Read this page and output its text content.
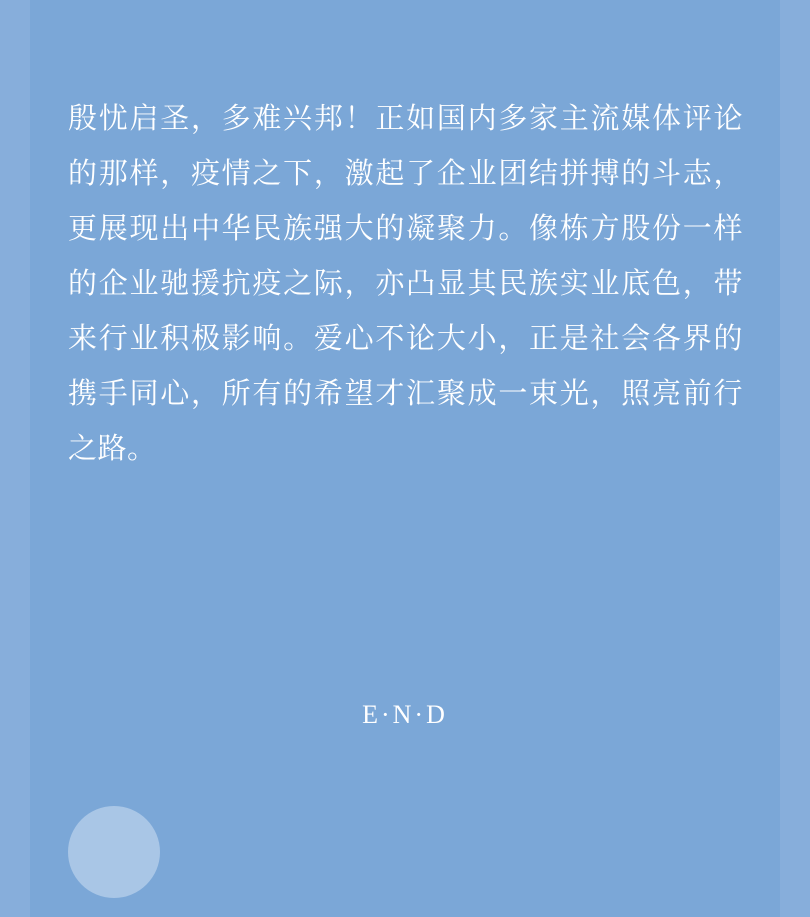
殷忧启圣，多难兴邦！正如国内多家主流媒体评论的那样，疫情之下，激起了企业团结拼搏的斗志，更展现出中华民族强大的凝聚力。像栋方股份一样的企业驰援抗疫之际，亦凸显其民族实业底色，带来行业积极影响。爱心不论大小，正是社会各界的携手同心，所有的希望才汇聚成一束光，照亮前行之路。
E·N·D
